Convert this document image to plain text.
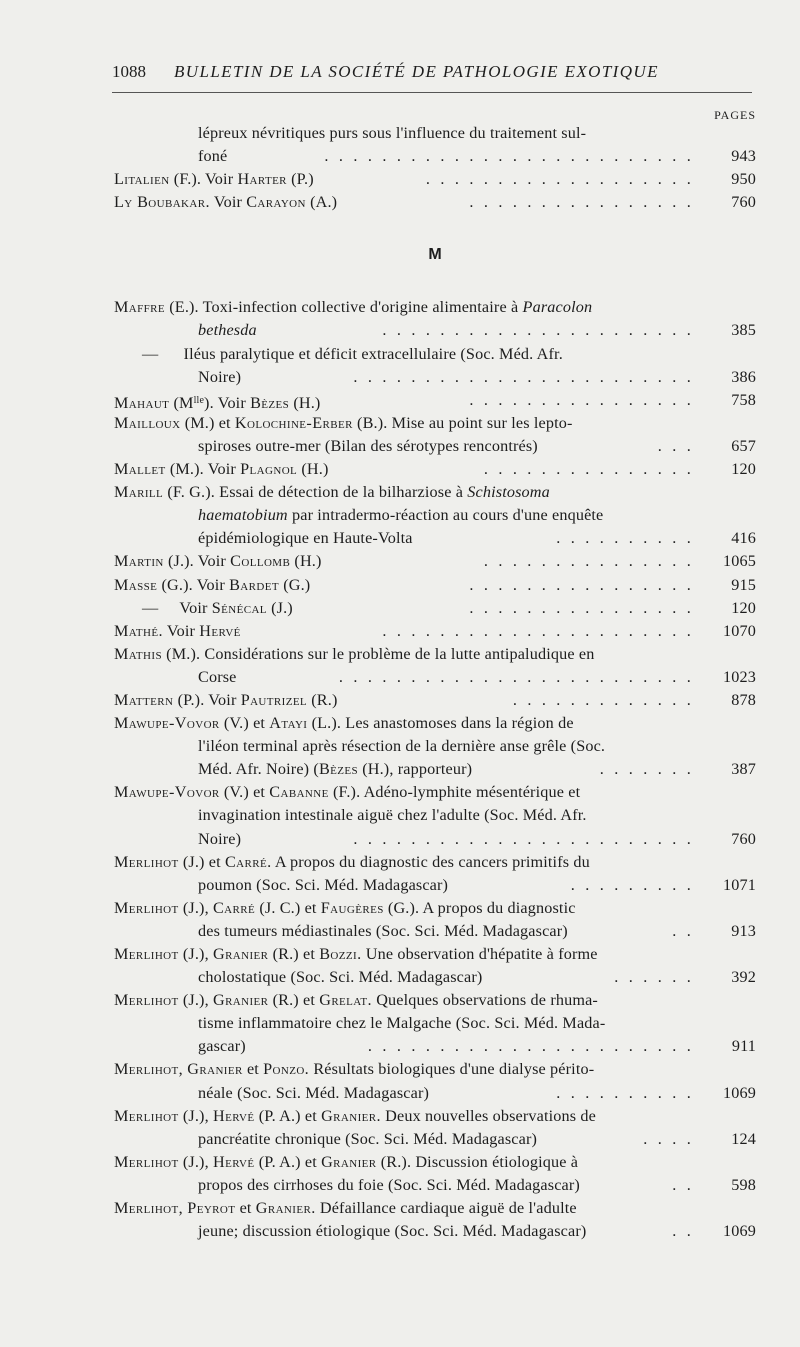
1088	BULLETIN DE LA SOCIÉTÉ DE PATHOLOGIE EXOTIQUE
PAGES
lépreux névritiques purs sous l'influence du traitement sul-
foné	. . . . . . . . . . . . . . . . . . . . . . . . . .	943
Litalien (F.). Voir Harter (P.)	. . . . . . . . . . . . . . . . . . .	950
Ly Boubakar. Voir Carayon (A.)	. . . . . . . . . . . . . . . .	760
M
Maffre (E.). Toxi-infection collective d'origine alimentaire à Paracolon
bethesda	. . . . . . . . . . . . . . . . . . . . . .	385
— Iléus paralytique et déficit extracellulaire (Soc. Méd. Afr.
Noire)	. . . . . . . . . . . . . . . . . . . . . . . .	386
Mahaut $(M^{lle})$. Voir Bèzes (H.)	. . . . . . . . . . . . . . . .	758
Mailloux (M.) et Kolochine-Erber (B.). Mise au point sur les lepto-
spiroses outre-mer (Bilan des sérotypes rencontrés)	. . .	657
Mallet (M.). Voir Plagnol (H.)	. . . . . . . . . . . . . . .	120
Marill (F. G.). Essai de détection de la bilharziose à Schistosoma
haematobium par intradermo-réaction au cours d'une enquête
épidémiologique en Haute-Volta	. . . . . . . . . .	416
Martin (J.). Voir Collomb (H.)	. . . . . . . . . . . . . . .	1065
Masse (G.). Voir Bardet (G.)	. . . . . . . . . . . . . . . .	915
— Voir Sénécal (J.)	. . . . . . . . . . . . . . . .	120
Mathé. Voir Hervé	. . . . . . . . . . . . . . . . . . . . . .	1070
Mathis (M.). Considérations sur le problème de la lutte antipaludique en
Corse	. . . . . . . . . . . . . . . . . . . . . . . . .	1023
Mattern (P.). Voir Pautrizel (R.)	. . . . . . . . . . . . .	878
Mawupe-Vovor (V.) et Atayi (L.). Les anastomoses dans la région de
l'iléon terminal après résection de la dernière anse grêle (Soc.
Méd. Afr. Noire) (Bèzes (H.), rapporteur)	. . . . . . .	387
Mawupe-Vovor (V.) et Cabanne (F.). Adéno-lymphite mésentérique et
invagination intestinale aiguë chez l'adulte (Soc. Méd. Afr.
Noire)	. . . . . . . . . . . . . . . . . . . . . . . .	760
Merlihot (J.) et Carré. A propos du diagnostic des cancers primitifs du
poumon (Soc. Sci. Méd. Madagascar)	. . . . . . . . .	1071
Merlihot (J.), Carré (J. C.) et Faugères (G.). A propos du diagnostic
des tumeurs médiastinales (Soc. Sci. Méd. Madagascar)	. .	913
Merlihot (J.), Granier (R.) et Bozzi. Une observation d'hépatite à forme
cholostatique (Soc. Sci. Méd. Madagascar)	. . . . . .	392
Merlihot (J.), Granier (R.) et Grelat. Quelques observations de rhuma-
tisme inflammatoire chez le Malgache (Soc. Sci. Méd. Mada-
gascar)	. . . . . . . . . . . . . . . . . . . . . . .	911
Merlihot, Granier et Ponzo. Résultats biologiques d'une dialyse périto-
néale (Soc. Sci. Méd. Madagascar)	. . . . . . . . . .	1069
Merlihot (J.), Hervé (P. A.) et Granier. Deux nouvelles observations de
pancréatite chronique (Soc. Sci. Méd. Madagascar)	. . . .	124
Merlihot (J.), Hervé (P. A.) et Granier (R.). Discussion étiologique à
propos des cirrhoses du foie (Soc. Sci. Méd. Madagascar)	. .	598
Merlihot, Peyrot et Granier. Défaillance cardiaque aiguë de l'adulte
jeune; discussion étiologique (Soc. Sci. Méd. Madagascar)	. .	1069
